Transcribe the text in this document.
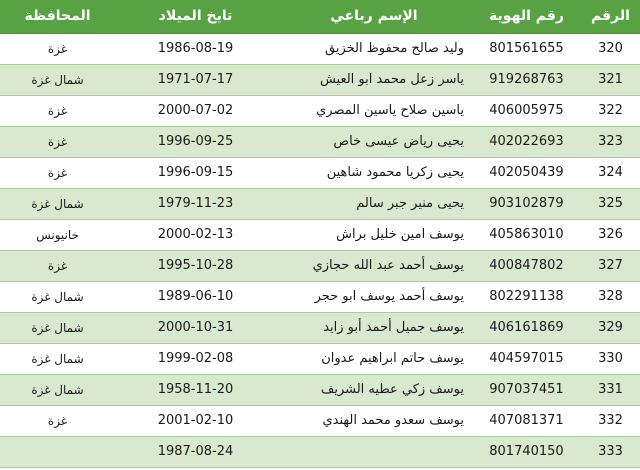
الرقم	رقم الهوية	الإسم رباعي	تايخ الميلاد	المحافظة
320	801561655	وليد صالح محفوظ الخزيق	1986-08-19	غزة
321	919268763	ياسر زعل محمد ابو العيش	1971-07-17	شمال غزة
322	406005975	ياسين صلاح ياسين المصري	2000-07-02	غزة
323	402022693	يحيى رياض عيسى خاص	1996-09-25	غزة
324	402050439	يحيى زكريا محمود شاهين	1996-09-15	غزة
325	903102879	يحيى منير جبر سالم	1979-11-23	شمال غزة
326	405863010	يوسف امين خليل براش	2000-02-13	خانيونس
327	400847802	يوسف أحمد عبد الله حجازي	1995-10-28	غزة
328	802291138	يوسف أحمد يوسف ابو حجر	1989-06-10	شمال غزة
329	406161869	يوسف جميل أحمد أبو زايد	2000-10-31	شمال غزة
330	404597015	يوسف حاتم ابراهيم عدوان	1999-02-08	شمال غزة
331	907037451	يوسف زكي عطيه الشريف	1958-11-20	شمال غزة
332	407081371	يوسف سعدو محمد الهندي	2001-02-10	غزة
333	801740150		1987-08-24	
